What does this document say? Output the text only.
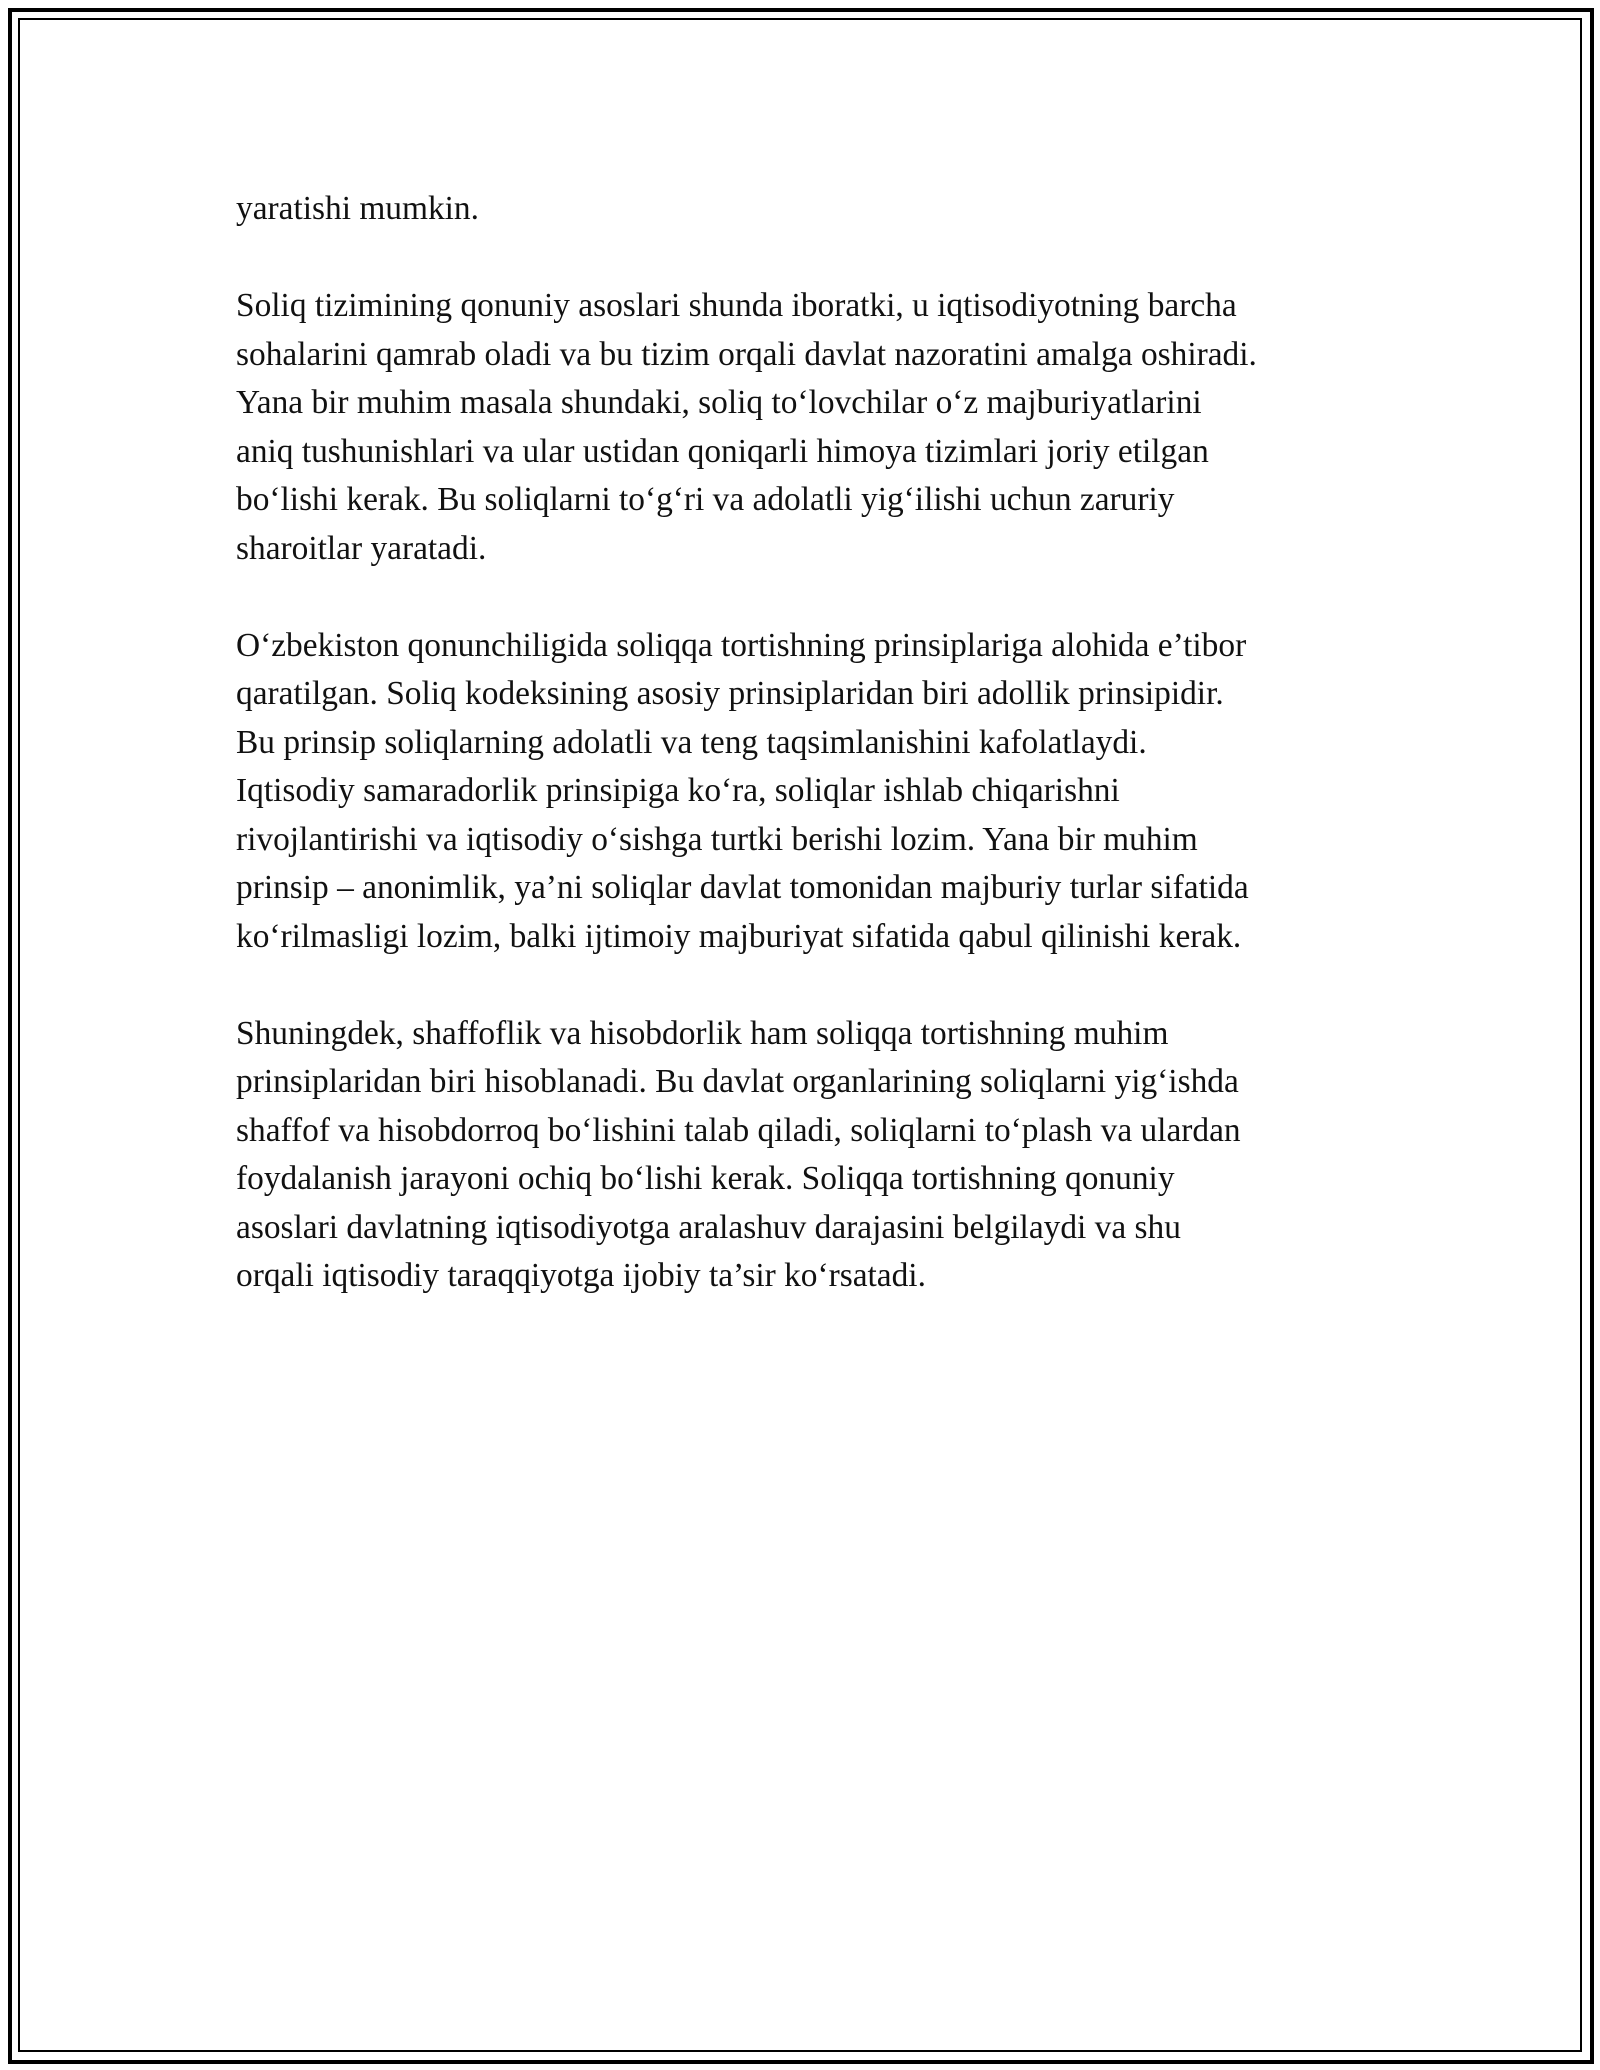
yaratishi mumkin.

Soliq tizimining qonuniy asoslari shunda iboratki, u iqtisodiyotning barcha
sohalarini qamrab oladi va bu tizim orqali davlat nazoratini amalga oshiradi.
Yana bir muhim masala shundaki, soliq to‘lovchilar o‘z majburiyatlarini
aniq tushunishlari va ular ustidan qoniqarli himoya tizimlari joriy etilgan
bo‘lishi kerak. Bu soliqlarni to‘g‘ri va adolatli yig‘ilishi uchun zaruriy
sharoitlar yaratadi.

O‘zbekiston qonunchiligida soliqqa tortishning prinsiplariga alohida e’tibor
qaratilgan. Soliq kodeksining asosiy prinsiplaridan biri adollik prinsipidir.
Bu prinsip soliqlarning adolatli va teng taqsimlanishini kafolatlaydi.
Iqtisodiy samaradorlik prinsipiga ko‘ra, soliqlar ishlab chiqarishni
rivojlantirishi va iqtisodiy o‘sishga turtki berishi lozim. Yana bir muhim
prinsip – anonimlik, ya’ni soliqlar davlat tomonidan majburiy turlar sifatida
ko‘rilmasligi lozim, balki ijtimoiy majburiyat sifatida qabul qilinishi kerak.

Shuningdek, shaffoflik va hisobdorlik ham soliqqa tortishning muhim
prinsiplaridan biri hisoblanadi. Bu davlat organlarining soliqlarni yig‘ishda
shaffof va hisobdorroq bo‘lishini talab qiladi, soliqlarni to‘plash va ulardan
foydalanish jarayoni ochiq bo‘lishi kerak. Soliqqa tortishning qonuniy
asoslari davlatning iqtisodiyotga aralashuv darajasini belgilaydi va shu
orqali iqtisodiy taraqqiyotga ijobiy ta’sir ko‘rsatadi.
